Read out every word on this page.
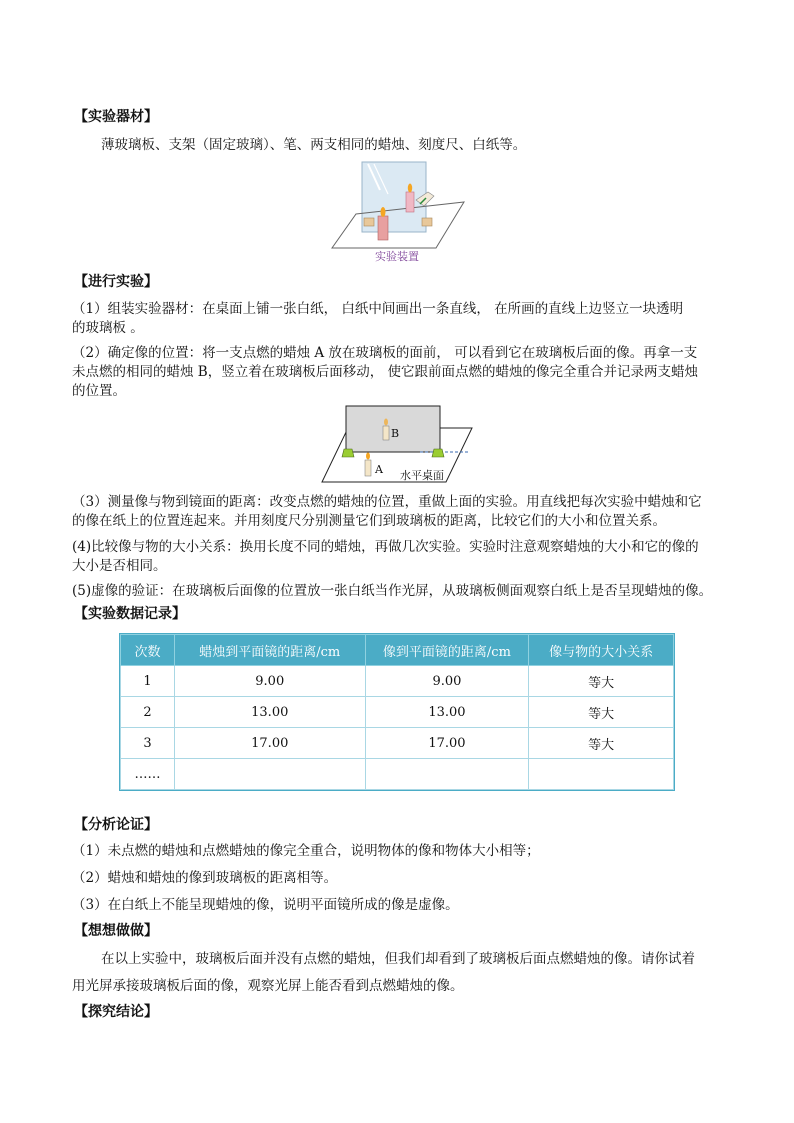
【实验器材】
薄玻璃板、支架（固定玻璃）、笔、两支相同的蜡烛、刻度尺、白纸等。
实验装置
【进行实验】
（1）组装实验器材：在桌面上铺一张白纸， 白纸中间画出一条直线， 在所画的直线上边竖立一块透明
的玻璃板 。
（2）确定像的位置：将一支点燃的蜡烛 A 放在玻璃板的面前， 可以看到它在玻璃板后面的像。再拿一支
未点燃的相同的蜡烛 B，竖立着在玻璃板后面移动， 使它跟前面点燃的蜡烛的像完全重合并记录两支蜡烛
的位置。
B
A 水平桌面
（3）测量像与物到镜面的距离：改变点燃的蜡烛的位置，重做上面的实验。用直线把每次实验中蜡烛和它
的像在纸上的位置连起来。并用刻度尺分别测量它们到玻璃板的距离，比较它们的大小和位置关系。
(4)比较像与物的大小关系：换用长度不同的蜡烛，再做几次实验。实验时注意观察蜡烛的大小和它的像的
大小是否相同。
(5)虚像的验证：在玻璃板后面像的位置放一张白纸当作光屏，从玻璃板侧面观察白纸上是否呈现蜡烛的像。
【实验数据记录】
次数	蜡烛到平面镜的距离/cm	像到平面镜的距离/cm	像与物的大小关系
1	9.00	9.00	等大
2	13.00	13.00	等大
3	17.00	17.00	等大
……			
【分析论证】
（1）未点燃的蜡烛和点燃蜡烛的像完全重合，说明物体的像和物体大小相等；
（2）蜡烛和蜡烛的像到玻璃板的距离相等。
（3）在白纸上不能呈现蜡烛的像，说明平面镜所成的像是虚像。
【想想做做】
在以上实验中，玻璃板后面并没有点燃的蜡烛，但我们却看到了玻璃板后面点燃蜡烛的像。请你试着
用光屏承接玻璃板后面的像，观察光屏上能否看到点燃蜡烛的像。
【探究结论】
